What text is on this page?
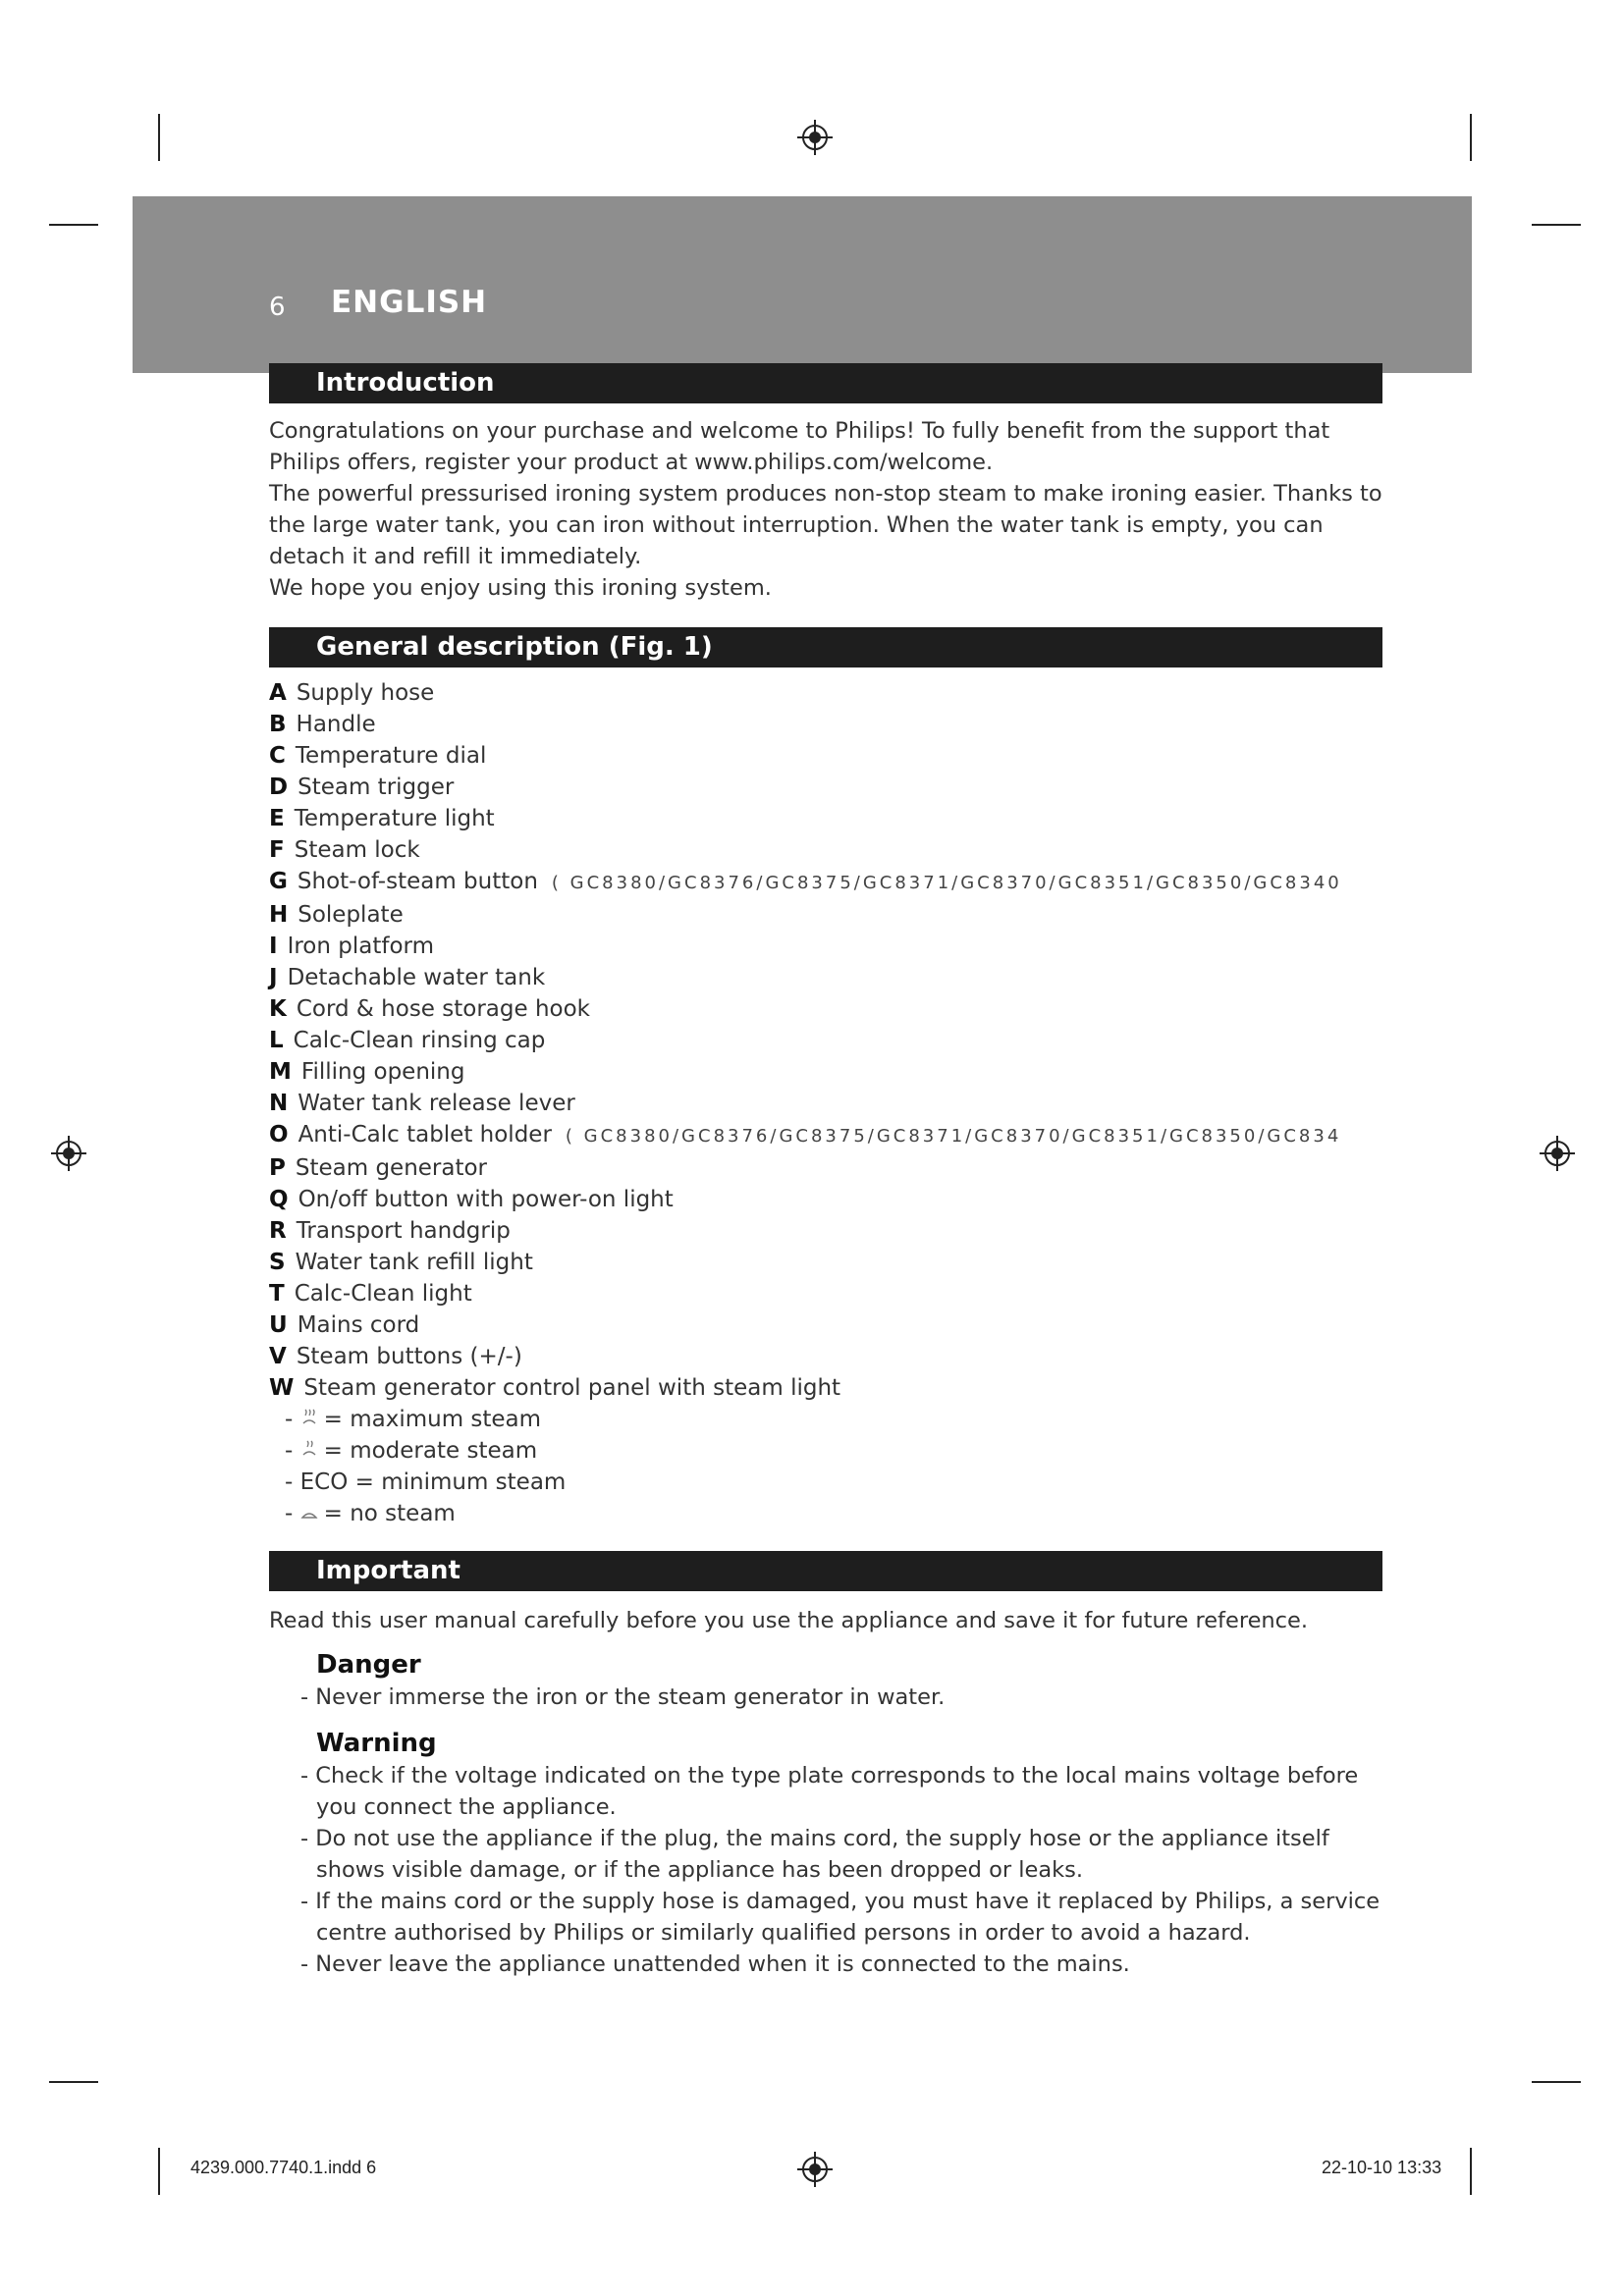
6 ENGLISH
Introduction

Congratulations on your purchase and welcome to Philips! To fully benefit from the support that

Philips offers, register your product at www.philips.com/welcome.

The powerful pressurised ironing system produces non-stop steam to make ironing easier. Thanks to

the large water tank, you can iron without interruption. When the water tank is empty, you can

detach it and refill it immediately.

We hope you enjoy using this ironing system.

General description (Fig. 1)
A Supply hose
B Handle
C Temperature dial
D Steam trigger
E Temperature light
F Steam lock
G Shot-of-steam button ( GC8380/GC8376/GC8375/GC8371/GC8370/GC8351/GC8350/GC8340
H Soleplate
I Iron platform
J Detachable water tank
K Cord & hose storage hook
L Calc-Clean rinsing cap
M Filling opening
N Water tank release lever
O Anti-Calc tablet holder ( GC8380/GC8376/GC8375/GC8371/GC8370/GC8351/GC8350/GC834
P Steam generator
Q On/off button with power-on light
R Transport handgrip
S Water tank refill light
T Calc-Clean light
U Mains cord
V Steam buttons (+/-)
W Steam generator control panel with steam light
- = maximum steam
- = moderate steam
- ECO = minimum steam
- = no steam
Important
Read this user manual carefully before you use the appliance and save it for future reference.
Danger
- Never immerse the iron or the steam generator in water.
Warning
- Check if the voltage indicated on the type plate corresponds to the local mains voltage before you connect the appliance.
- Do not use the appliance if the plug, the mains cord, the supply hose or the appliance itself shows visible damage, or if the appliance has been dropped or leaks.
- If the mains cord or the supply hose is damaged, you must have it replaced by Philips, a service centre authorised by Philips or similarly qualified persons in order to avoid a hazard.
- Never leave the appliance unattended when it is connected to the mains.
4239.000.7740.1.indd 6	22-10-10 13:33
